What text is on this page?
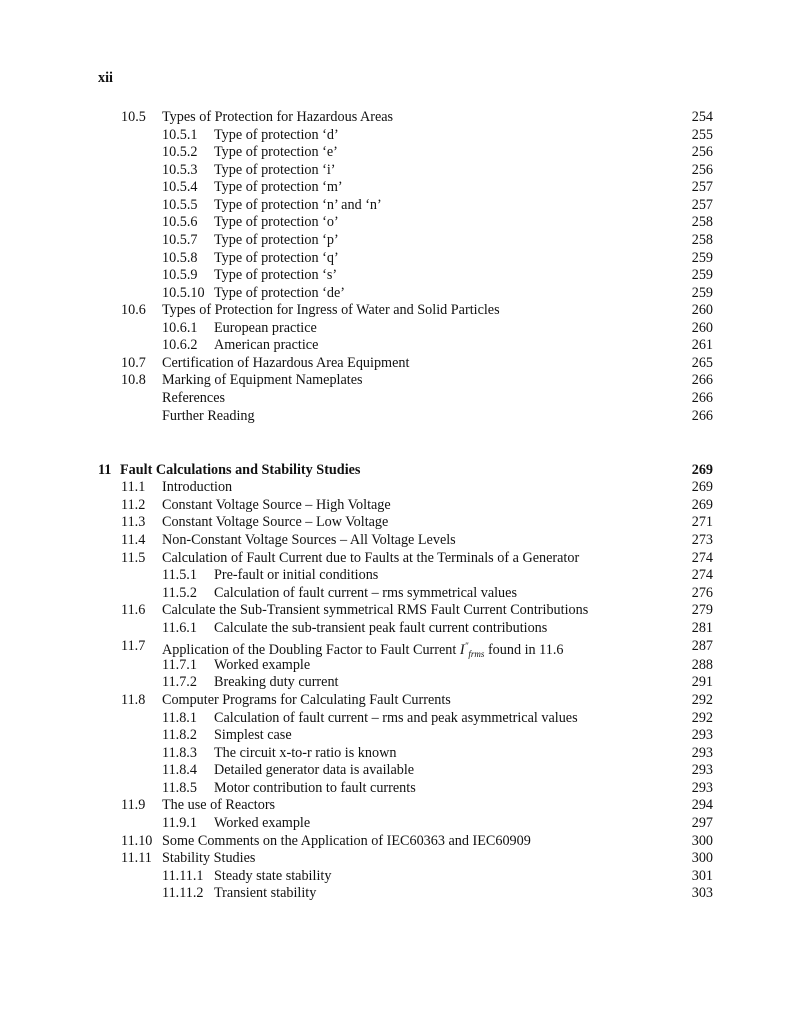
xii
10.5 Types of Protection for Hazardous Areas	254
10.5.1 Type of protection ‘d’	255
10.5.2 Type of protection ‘e’	256
10.5.3 Type of protection ‘i’	256
10.5.4 Type of protection ‘m’	257
10.5.5 Type of protection ‘n’ and ‘n’	257
10.5.6 Type of protection ‘o’	258
10.5.7 Type of protection ‘p’	258
10.5.8 Type of protection ‘q’	259
10.5.9 Type of protection ‘s’	259
10.5.10 Type of protection ‘de’	259
10.6 Types of Protection for Ingress of Water and Solid Particles	260
10.6.1 European practice	260
10.6.2 American practice	261
10.7 Certification of Hazardous Area Equipment	265
10.8 Marking of Equipment Nameplates	266
References	266
Further Reading	266
11 Fault Calculations and Stability Studies	269
11.1 Introduction	269
11.2 Constant Voltage Source – High Voltage	269
11.3 Constant Voltage Source – Low Voltage	271
11.4 Non-Constant Voltage Sources – All Voltage Levels	273
11.5 Calculation of Fault Current due to Faults at the Terminals of a Generator	274
11.5.1 Pre-fault or initial conditions	274
11.5.2 Calculation of fault current – rms symmetrical values	276
11.6 Calculate the Sub-Transient symmetrical RMS Fault Current Contributions	279
11.6.1 Calculate the sub-transient peak fault current contributions	281
11.7 Application of the Doubling Factor to Fault Current $I''_{frms}$ found in 11.6	287
11.7.1 Worked example	288
11.7.2 Breaking duty current	291
11.8 Computer Programs for Calculating Fault Currents	292
11.8.1 Calculation of fault current – rms and peak asymmetrical values	292
11.8.2 Simplest case	293
11.8.3 The circuit x-to-r ratio is known	293
11.8.4 Detailed generator data is available	293
11.8.5 Motor contribution to fault currents	293
11.9 The use of Reactors	294
11.9.1 Worked example	297
11.10 Some Comments on the Application of IEC60363 and IEC60909	300
11.11 Stability Studies	300
11.11.1 Steady state stability	301
11.11.2 Transient stability	303
